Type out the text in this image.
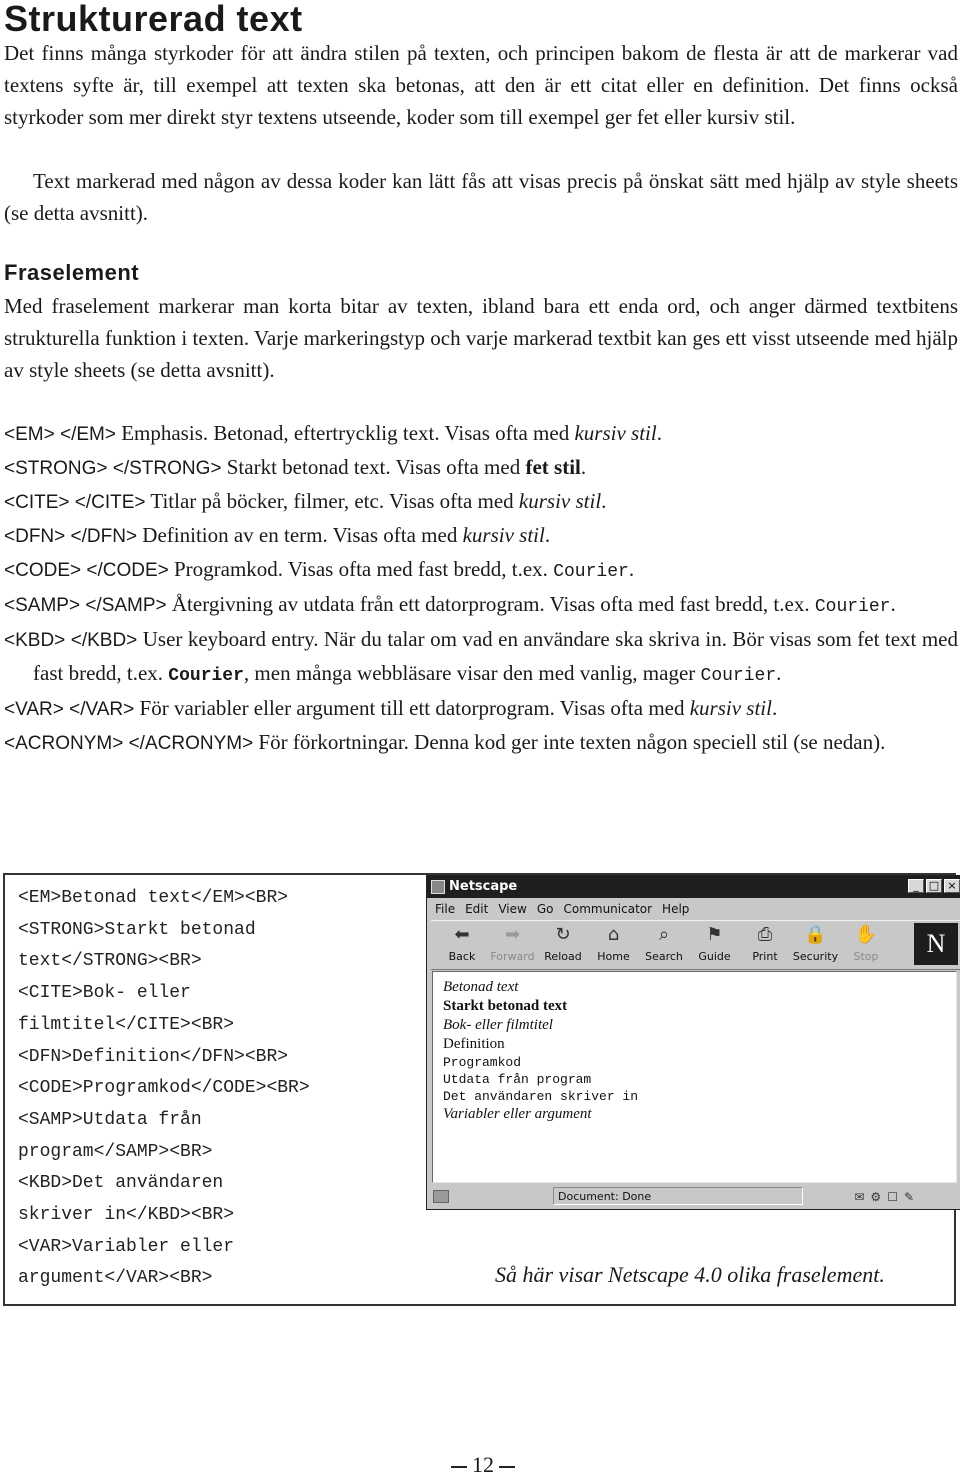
Strukturerad text

Det finns många styrkoder för att ändra stilen på texten, och principen bakom de flesta är att de markerar vad textens syfte är, till exempel att texten ska betonas, att den är ett citat eller en definition. Det finns också styrkoder som mer direkt styr textens utseende, koder som till exempel ger fet eller kursiv stil.

Text markerad med någon av dessa koder kan lätt fås att visas precis på önskat sätt med hjälp av style sheets (se detta avsnitt).

Fraselement

Med fraselement markerar man korta bitar av texten, ibland bara ett enda ord, och anger därmed textbitens strukturella funktion i texten. Varje markeringstyp och varje markerad textbit kan ges ett visst utseende med hjälp av style sheets (se detta avsnitt).

<EM> </EM> Emphasis. Betonad, eftertrycklig text. Visas ofta med kursiv stil.
<STRONG> </STRONG> Starkt betonad text. Visas ofta med fet stil.
<CITE> </CITE> Titlar på böcker, filmer, etc. Visas ofta med kursiv stil.
<DFN> </DFN> Definition av en term. Visas ofta med kursiv stil.
<CODE> </CODE> Programkod. Visas ofta med fast bredd, t.ex. Courier.
<SAMP> </SAMP> Återgivning av utdata från ett datorprogram. Visas ofta med fast bredd, t.ex. Courier.
<KBD> </KBD> User keyboard entry. När du talar om vad en användare ska skriva in. Bör visas som fet text med fast bredd, t.ex. Courier, men många webbläsare visar den med vanlig, mager Courier.
<VAR> </VAR> För variabler eller argument till ett datorprogram. Visas ofta med kursiv stil.
<ACRONYM> </ACRONYM> För förkortningar. Denna kod ger inte texten någon speciell stil (se nedan).
<EM>Betonad text</EM><BR>
<STRONG>Starkt betonad
text</STRONG><BR>
<CITE>Bok- eller
filmtitel</CITE><BR>
<DFN>Definition</DFN><BR>
<CODE>Programkod</CODE><BR>
<SAMP>Utdata från
program</SAMP><BR>
<KBD>Det användaren
skriver in</KBD><BR>
<VAR>Variabler eller
argument</VAR><BR>
Netscape	_ □ ×
File Edit View Go Communicator Help
N
⬅
Back
➡
Forward
↻
Reload
⌂
Home
⌕
Search
⚑
Guide
⎙
Print
🔒
Security
✋
Stop
Betonad text
Starkt betonad text
Bok- eller filmtitel
Definition
Programkod
Utdata från program
Det användaren skriver in
Variabler eller argument
Document: Done	✉⚙☐✎

Så här visar Netscape 4.0 olika fraselement.

12
